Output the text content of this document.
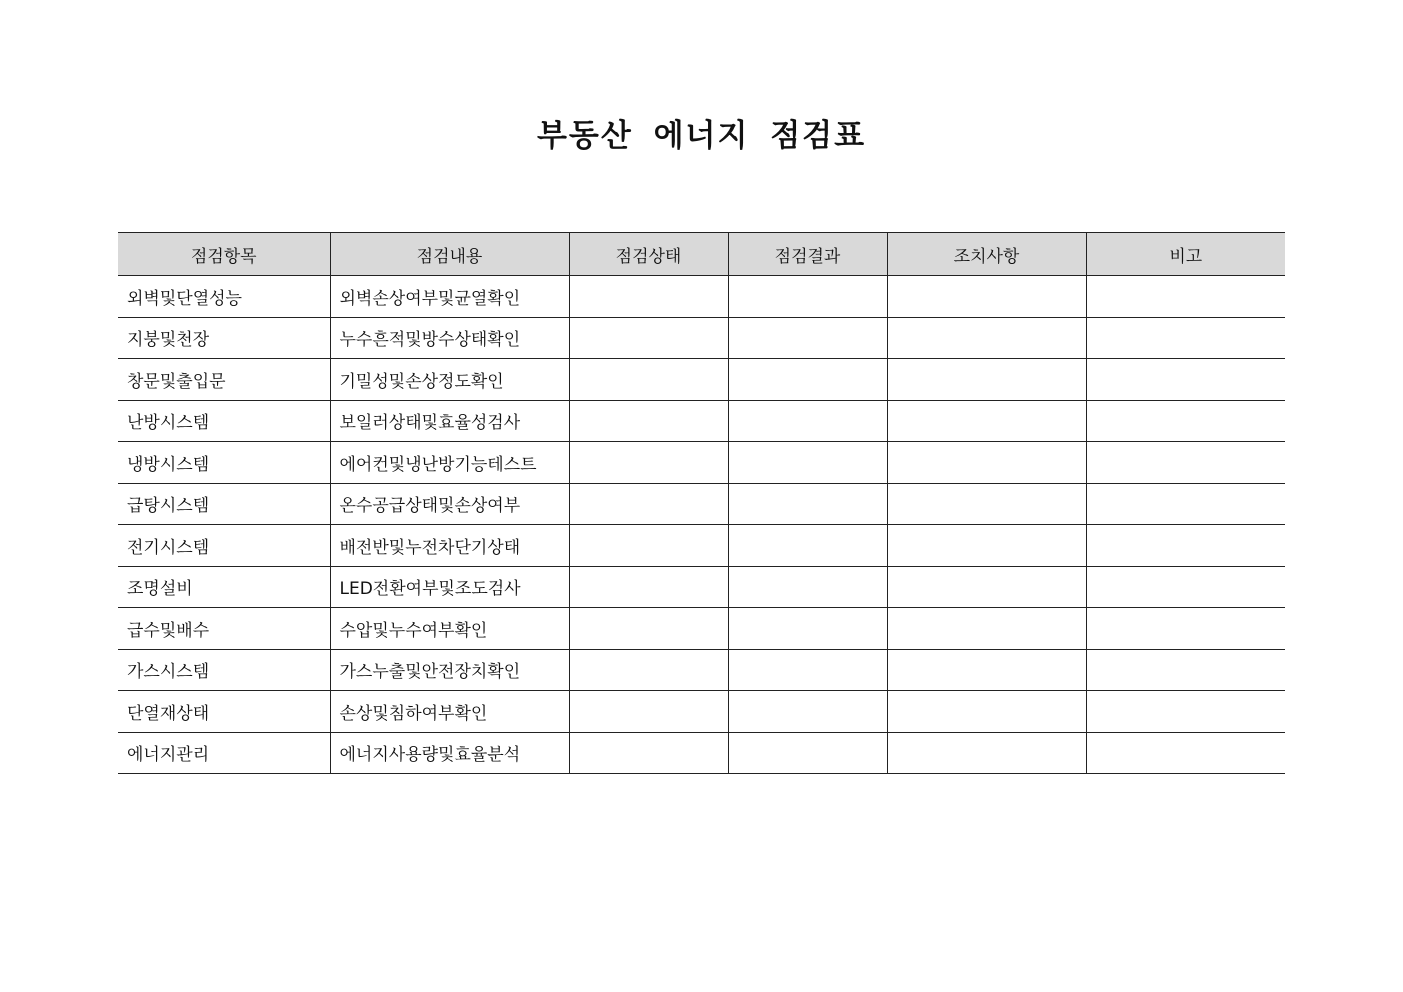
부동산 에너지 점검표
점검항목	점검내용	점검상태	점검결과	조치사항	비고
외벽및단열성능	외벽손상여부및균열확인				
지붕및천장	누수흔적및방수상태확인				
창문및출입문	기밀성및손상정도확인				
난방시스템	보일러상태및효율성검사				
냉방시스템	에어컨및냉난방기능테스트				
급탕시스템	온수공급상태및손상여부				
전기시스템	배전반및누전차단기상태				
조명설비	LED전환여부및조도검사				
급수및배수	수압및누수여부확인				
가스시스템	가스누출및안전장치확인				
단열재상태	손상및침하여부확인				
에너지관리	에너지사용량및효율분석				
